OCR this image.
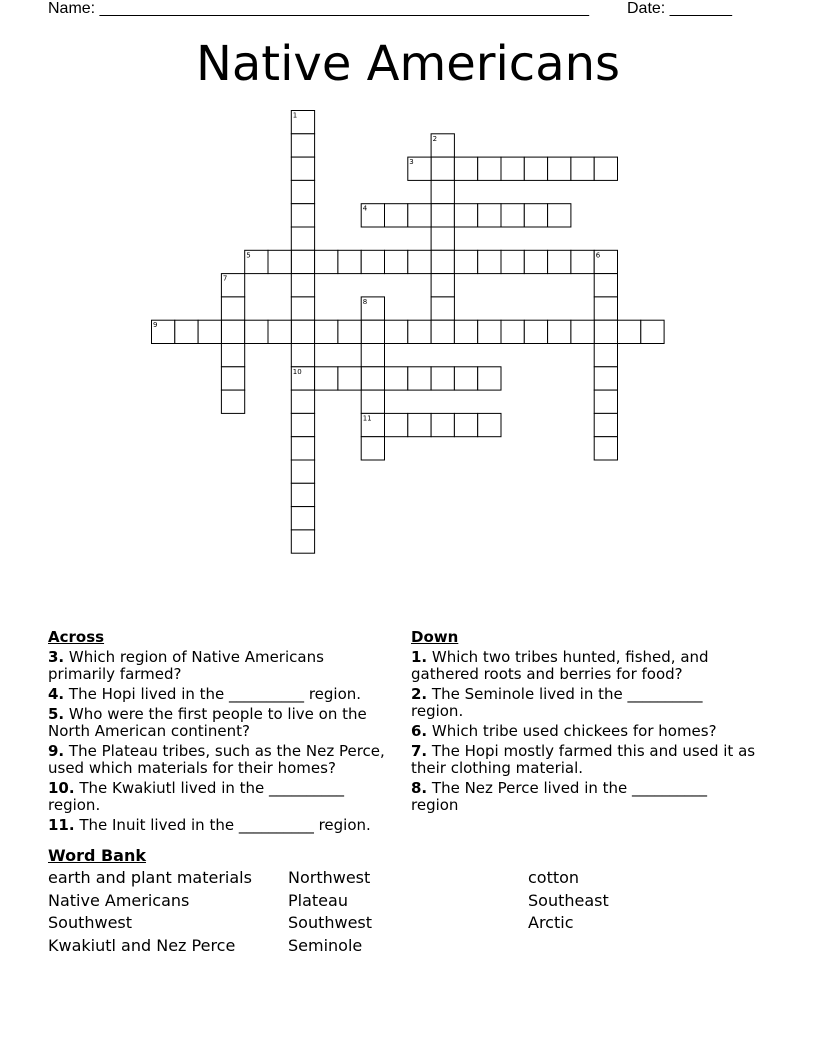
Name: _______________________________________________________ Date: _______
Native Americans
1
2
3
4
5	6
7
8
9
10
11
Across
3. Which region of Native Americans primarily farmed?
4. The Hopi lived in the __________ region.
5. Who were the first people to live on the North American continent?
9. The Plateau tribes, such as the Nez Perce, used which materials for their homes?
10. The Kwakiutl lived in the __________ region.
11. The Inuit lived in the __________ region.
Down
1. Which two tribes hunted, fished, and gathered roots and berries for food?
2. The Seminole lived in the __________ region.
6. Which tribe used chickees for homes?
7. The Hopi mostly farmed this and used it as their clothing material.
8. The Nez Perce lived in the __________ region
Word Bank
earth and plant materials
Native Americans
Southwest
Kwakiutl and Nez Perce
Northwest
Plateau
Southwest
Seminole
cotton
Southeast
Arctic
